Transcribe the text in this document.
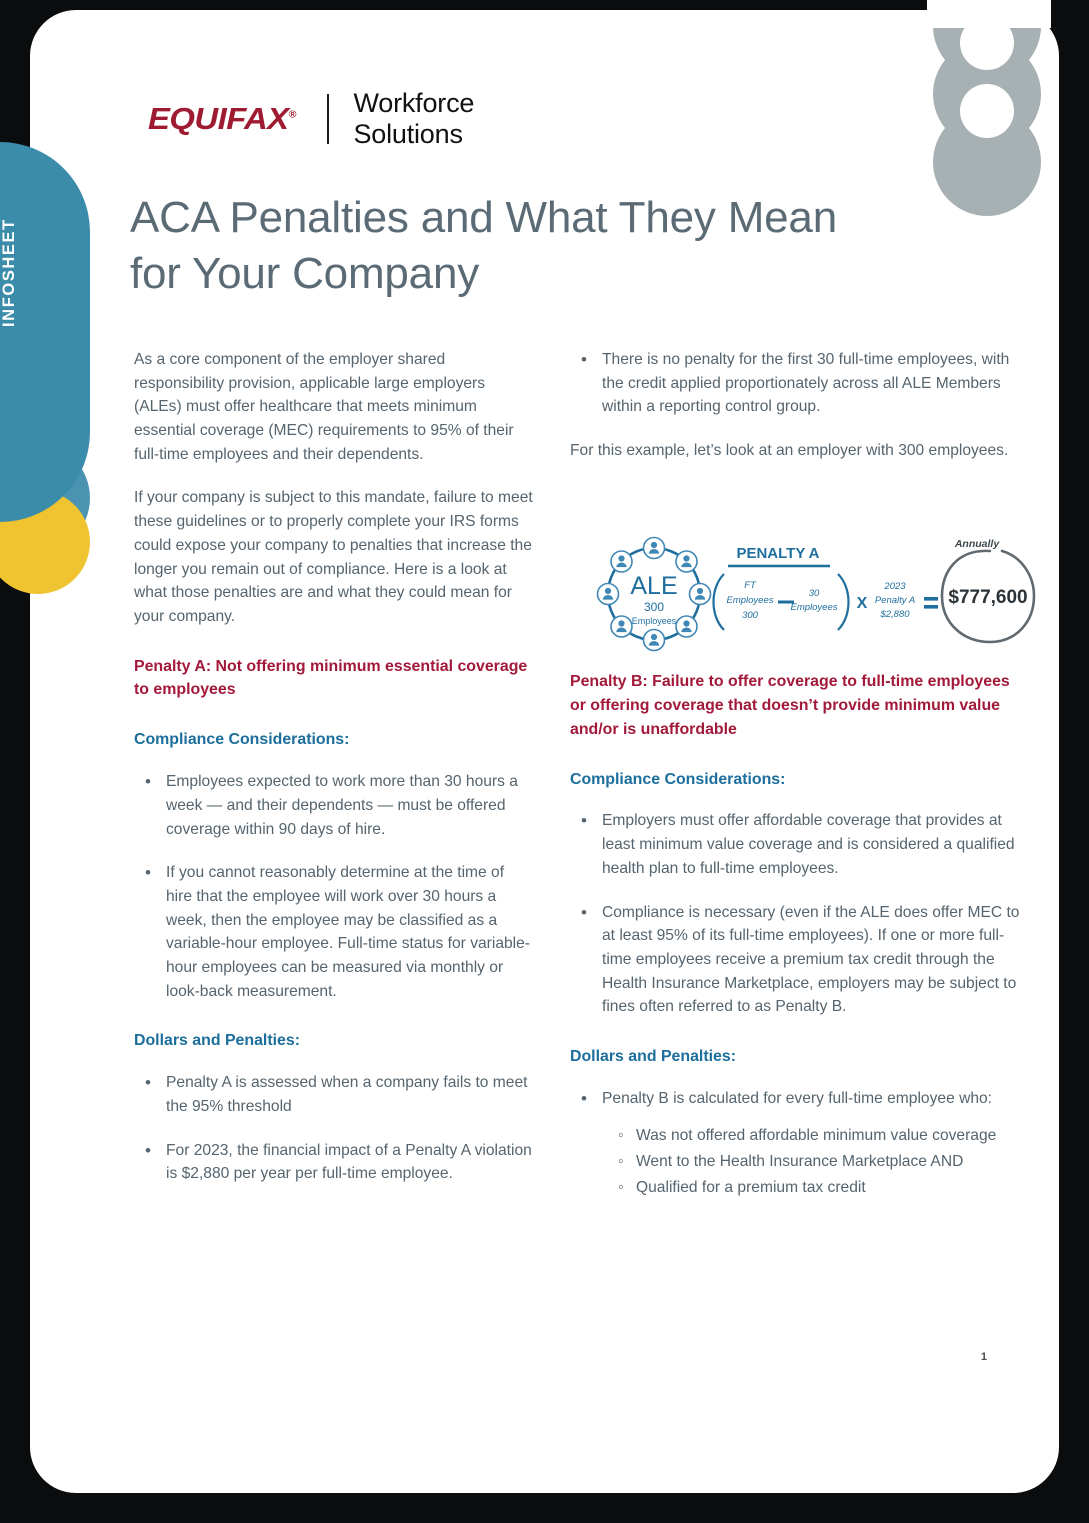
INFOSHEET
EQUIFAX® Workforce
Solutions
ACA Penalties and What They Mean for Your Company

As a core component of the employer shared responsibility provision, applicable large employers (ALEs) must offer healthcare that meets minimum essential coverage (MEC) requirements to 95% of their full-time employees and their dependents.

If your company is subject to this mandate, failure to meet these guidelines or to properly complete your IRS forms could expose your company to penalties that increase the longer you remain out of compliance. Here is a look at what those penalties are and what they could mean for your company.

Penalty A: Not offering minimum essential coverage to employees
Compliance Considerations:
• Employees expected to work more than 30 hours a week — and their dependents — must be offered coverage within 90 days of hire.
• If you cannot reasonably determine at the time of hire that the employee will work over 30 hours a week, then the employee may be classified as a variable-hour employee. Full-time status for variable-hour employees can be measured via monthly or look-back measurement.
Dollars and Penalties:
• Penalty A is assessed when a company fails to meet the 95% threshold
• For 2023, the financial impact of a Penalty A violation is $2,880 per year per full-time employee.
• There is no penalty for the first 30 full-time employees, with the credit applied proportionately across all ALE Members within a reporting control group.

For this example, let’s look at an employer with 300 employees.

ALE
300
Employees
PENALTY A
FT
Employees
300
30
Employees X
2023
Penalty A
$2,880
Annually
$777,600
Penalty B: Failure to offer coverage to full-time employees or offering coverage that doesn’t provide minimum value and/or is unaffordable
Compliance Considerations:
• Employers must offer affordable coverage that provides at least minimum value coverage and is considered a qualified health plan to full-time employees.
• Compliance is necessary (even if the ALE does offer MEC to at least 95% of its full-time employees). If one or more full-time employees receive a premium tax credit through the Health Insurance Marketplace, employers may be subject to fines often referred to as Penalty B.
Dollars and Penalties:
• Penalty B is calculated for every full-time employee who:
◦ Was not offered affordable minimum value coverage
◦ Went to the Health Insurance Marketplace AND
◦ Qualified for a premium tax credit
1
